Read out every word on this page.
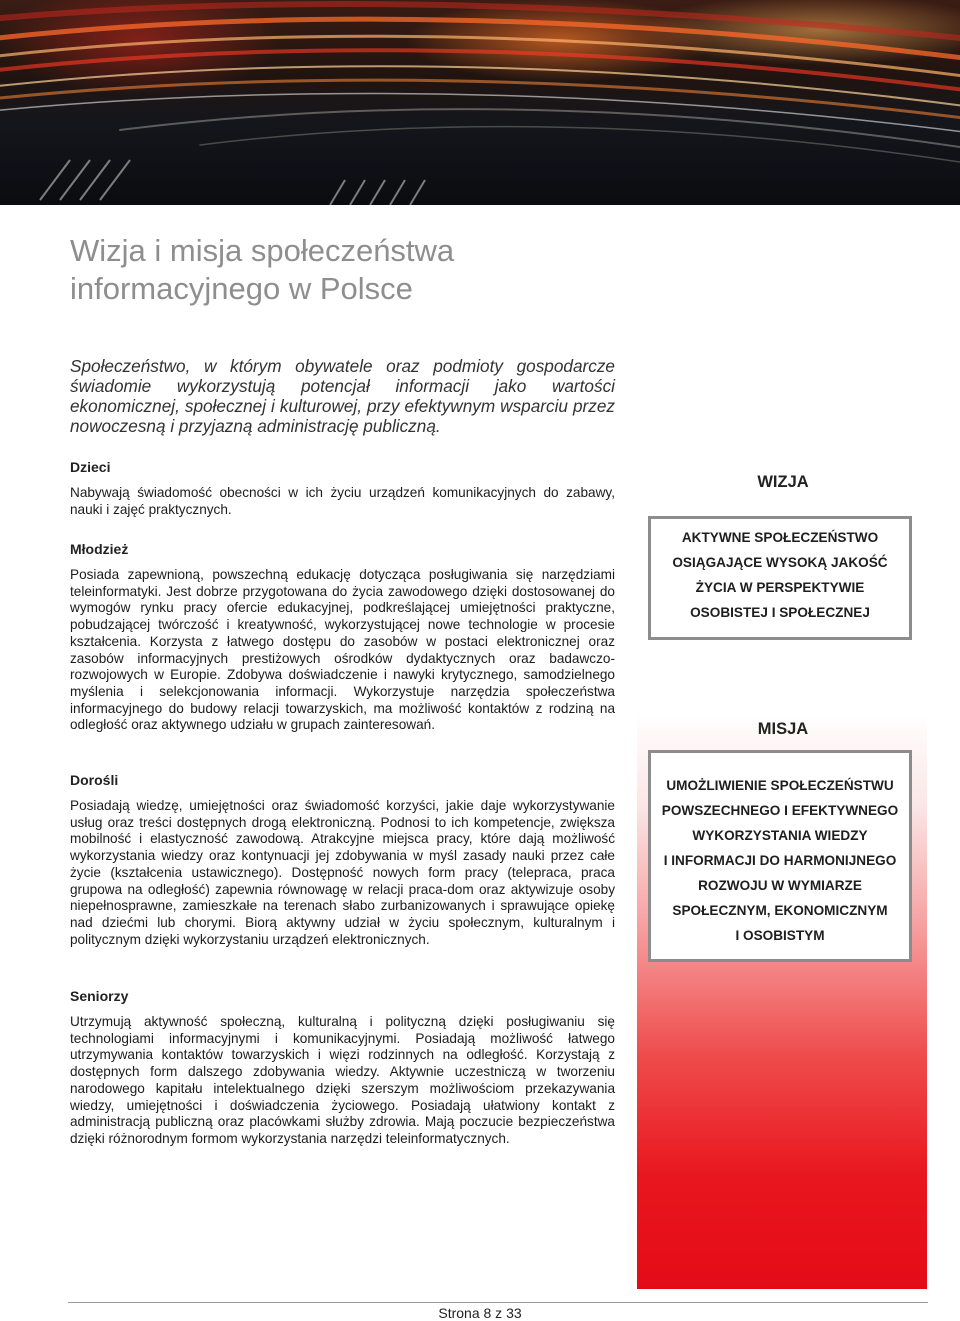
Wizja i misja społeczeństwa informacyjnego w Polsce

Społeczeństwo, w którym obywatele oraz podmioty gospodarcze świadomie wykorzystują potencjał informacji jako wartości ekonomicznej, społecznej i kulturowej, przy efektywnym wsparciu przez nowoczesną i przyjazną administrację publiczną.

Dzieci

Nabywają świadomość obecności w ich życiu urządzeń komunikacyjnych do zabawy, nauki i zajęć praktycznych.

Młodzież

Posiada zapewnioną, powszechną edukację dotycząca posługiwania się narzędziami teleinformatyki. Jest dobrze przygotowana do życia zawodowego dzięki dostosowanej do wymogów rynku pracy ofercie edukacyjnej, podkreślającej umiejętności praktyczne, pobudzającej twórczość i kreatywność, wykorzystującej nowe technologie w procesie kształcenia. Korzysta z łatwego dostępu do zasobów w postaci elektronicznej oraz zasobów informacyjnych prestiżowych ośrodków dydaktycznych oraz badawczo-rozwojowych w Europie. Zdobywa doświadczenie i nawyki krytycznego, samodzielnego myślenia i selekcjonowania informacji. Wykorzystuje narzędzia społeczeństwa informacyjnego do budowy relacji towarzyskich, ma możliwość kontaktów z rodziną na odległość oraz aktywnego udziału w grupach zainteresowań.

Dorośli

Posiadają wiedzę, umiejętności oraz świadomość korzyści, jakie daje wykorzystywanie usług oraz treści dostępnych drogą elektroniczną. Podnosi to ich kompetencje, zwiększa mobilność i elastyczność zawodową. Atrakcyjne miejsca pracy, które dają możliwość wykorzystania wiedzy oraz kontynuacji jej zdobywania w myśl zasady nauki przez całe życie (kształcenia ustawicznego). Dostępność nowych form pracy (telepraca, praca grupowa na odległość) zapewnia równowagę w relacji praca-dom oraz aktywizuje osoby niepełnosprawne, zamieszkałe na terenach słabo zurbanizowanych i sprawujące opiekę nad dziećmi lub chorymi. Biorą aktywny udział w życiu społecznym, kulturalnym i politycznym dzięki wykorzystaniu urządzeń elektronicznych.

Seniorzy

Utrzymują aktywność społeczną, kulturalną i polityczną dzięki posługiwaniu się technologiami informacyjnymi i komunikacyjnymi. Posiadają możliwość łatwego utrzymywania kontaktów towarzyskich i więzi rodzinnych na odległość. Korzystają z dostępnych form dalszego zdobywania wiedzy. Aktywnie uczestniczą w tworzeniu narodowego kapitału intelektualnego dzięki szerszym możliwościom przekazywania wiedzy, umiejętności i doświadczenia życiowego. Posiadają ułatwiony kontakt z administracją publiczną oraz placówkami służby zdrowia. Mają poczucie bezpieczeństwa dzięki różnorodnym formom wykorzystania narzędzi teleinformatycznych.

WIZJA
AKTYWNE SPOŁECZEŃSTWO
OSIĄGAJĄCE WYSOKĄ JAKOŚĆ
ŻYCIA W PERSPEKTYWIE
OSOBISTEJ I SPOŁECZNEJ
MISJA
UMOŻLIWIENIE SPOŁECZEŃSTWU
POWSZECHNEGO I EFEKTYWNEGO
WYKORZYSTANIA WIEDZY
I INFORMACJI DO HARMONIJNEGO
ROZWOJU W WYMIARZE
SPOŁECZNYM, EKONOMICZNYM
I OSOBISTYM
Strona 8 z 33
